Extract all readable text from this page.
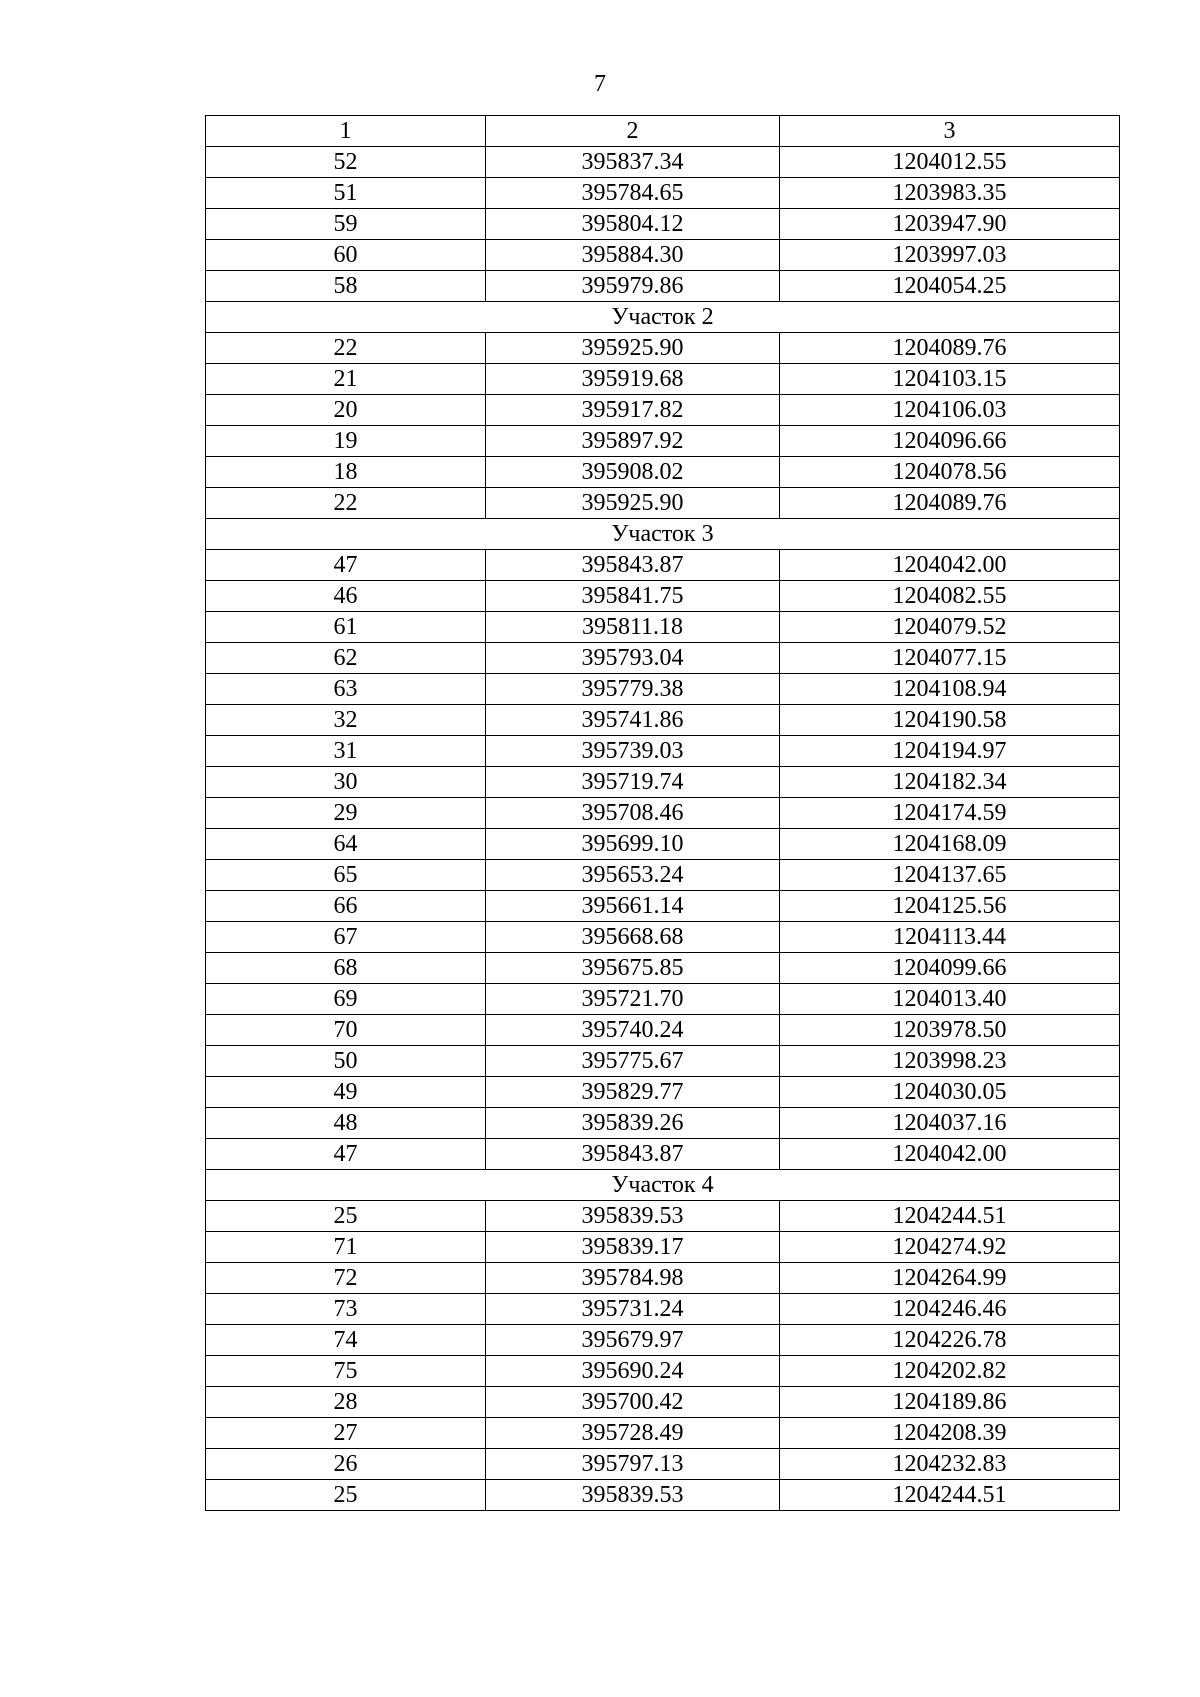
7
1	2	3
52	395837.34	1204012.55
51	395784.65	1203983.35
59	395804.12	1203947.90
60	395884.30	1203997.03
58	395979.86	1204054.25
Участок 2		
22	395925.90	1204089.76
21	395919.68	1204103.15
20	395917.82	1204106.03
19	395897.92	1204096.66
18	395908.02	1204078.56
22	395925.90	1204089.76
Участок 3		
47	395843.87	1204042.00
46	395841.75	1204082.55
61	395811.18	1204079.52
62	395793.04	1204077.15
63	395779.38	1204108.94
32	395741.86	1204190.58
31	395739.03	1204194.97
30	395719.74	1204182.34
29	395708.46	1204174.59
64	395699.10	1204168.09
65	395653.24	1204137.65
66	395661.14	1204125.56
67	395668.68	1204113.44
68	395675.85	1204099.66
69	395721.70	1204013.40
70	395740.24	1203978.50
50	395775.67	1203998.23
49	395829.77	1204030.05
48	395839.26	1204037.16
47	395843.87	1204042.00
Участок 4		
25	395839.53	1204244.51
71	395839.17	1204274.92
72	395784.98	1204264.99
73	395731.24	1204246.46
74	395679.97	1204226.78
75	395690.24	1204202.82
28	395700.42	1204189.86
27	395728.49	1204208.39
26	395797.13	1204232.83
25	395839.53	1204244.51
